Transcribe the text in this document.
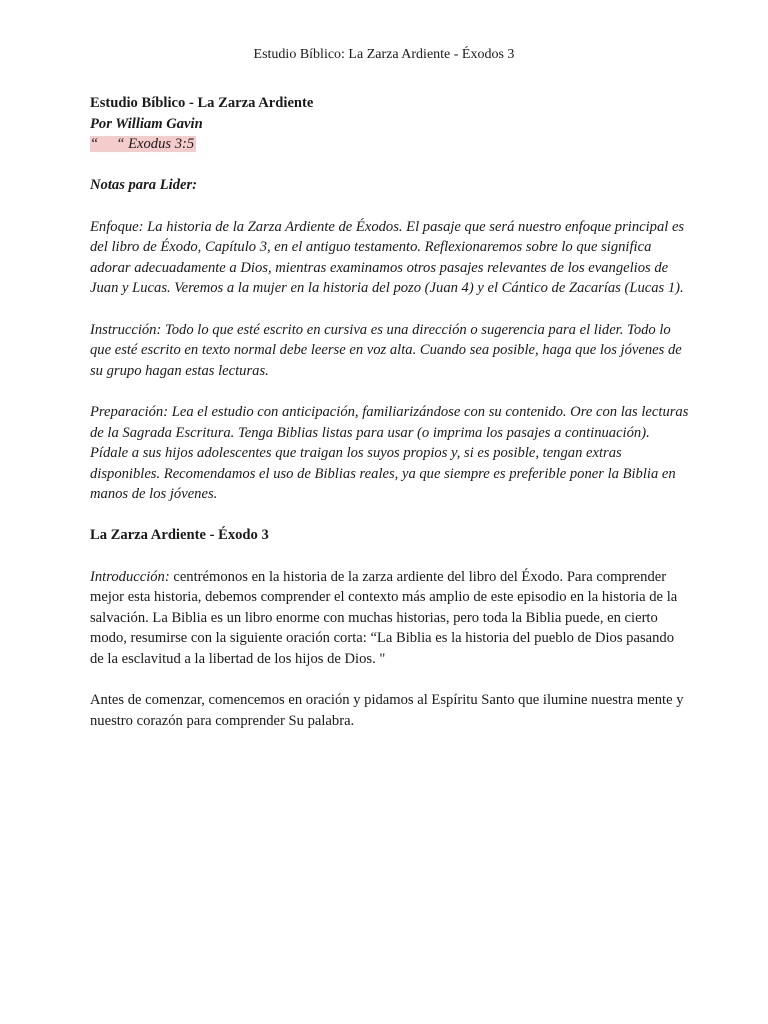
Estudio Bíblico: La Zarza Ardiente - Éxodos 3

Estudio Bíblico - La Zarza Ardiente

Por William Gavin

“     “ Exodus 3:5

Notas para Lider:

Enfoque: La historia de la Zarza Ardiente de Éxodos. El pasaje que será nuestro enfoque principal es del libro de Éxodo, Capítulo 3, en el antiguo testamento. Reflexionaremos sobre lo que significa adorar adecuadamente a Dios, mientras examinamos otros pasajes relevantes de los evangelios de Juan y Lucas. Veremos a la mujer en la historia del pozo (Juan 4) y el Cántico de Zacarías (Lucas 1).

Instrucción: Todo lo que esté escrito en cursiva es una dirección o sugerencia para el lider. Todo lo que esté escrito en texto normal debe leerse en voz alta. Cuando sea posible, haga que los jóvenes de su grupo hagan estas lecturas.

Preparación: Lea el estudio con anticipación, familiarizándose con su contenido. Ore con las lecturas de la Sagrada Escritura. Tenga Biblias listas para usar (o imprima los pasajes a continuación). Pídale a sus hijos adolescentes que traigan los suyos propios y, si es posible, tengan extras disponibles. Recomendamos el uso de Biblias reales, ya que siempre es preferible poner la Biblia en manos de los jóvenes.

La Zarza Ardiente - Éxodo 3

Introducción: centrémonos en la historia de la zarza ardiente del libro del Éxodo. Para comprender mejor esta historia, debemos comprender el contexto más amplio de este episodio en la historia de la salvación. La Biblia es un libro enorme con muchas historias, pero toda la Biblia puede, en cierto modo, resumirse con la siguiente oración corta: “La Biblia es la historia del pueblo de Dios pasando de la esclavitud a la libertad de los hijos de Dios. "

Antes de comenzar, comencemos en oración y pidamos al Espíritu Santo que ilumine nuestra mente y nuestro corazón para comprender Su palabra.
